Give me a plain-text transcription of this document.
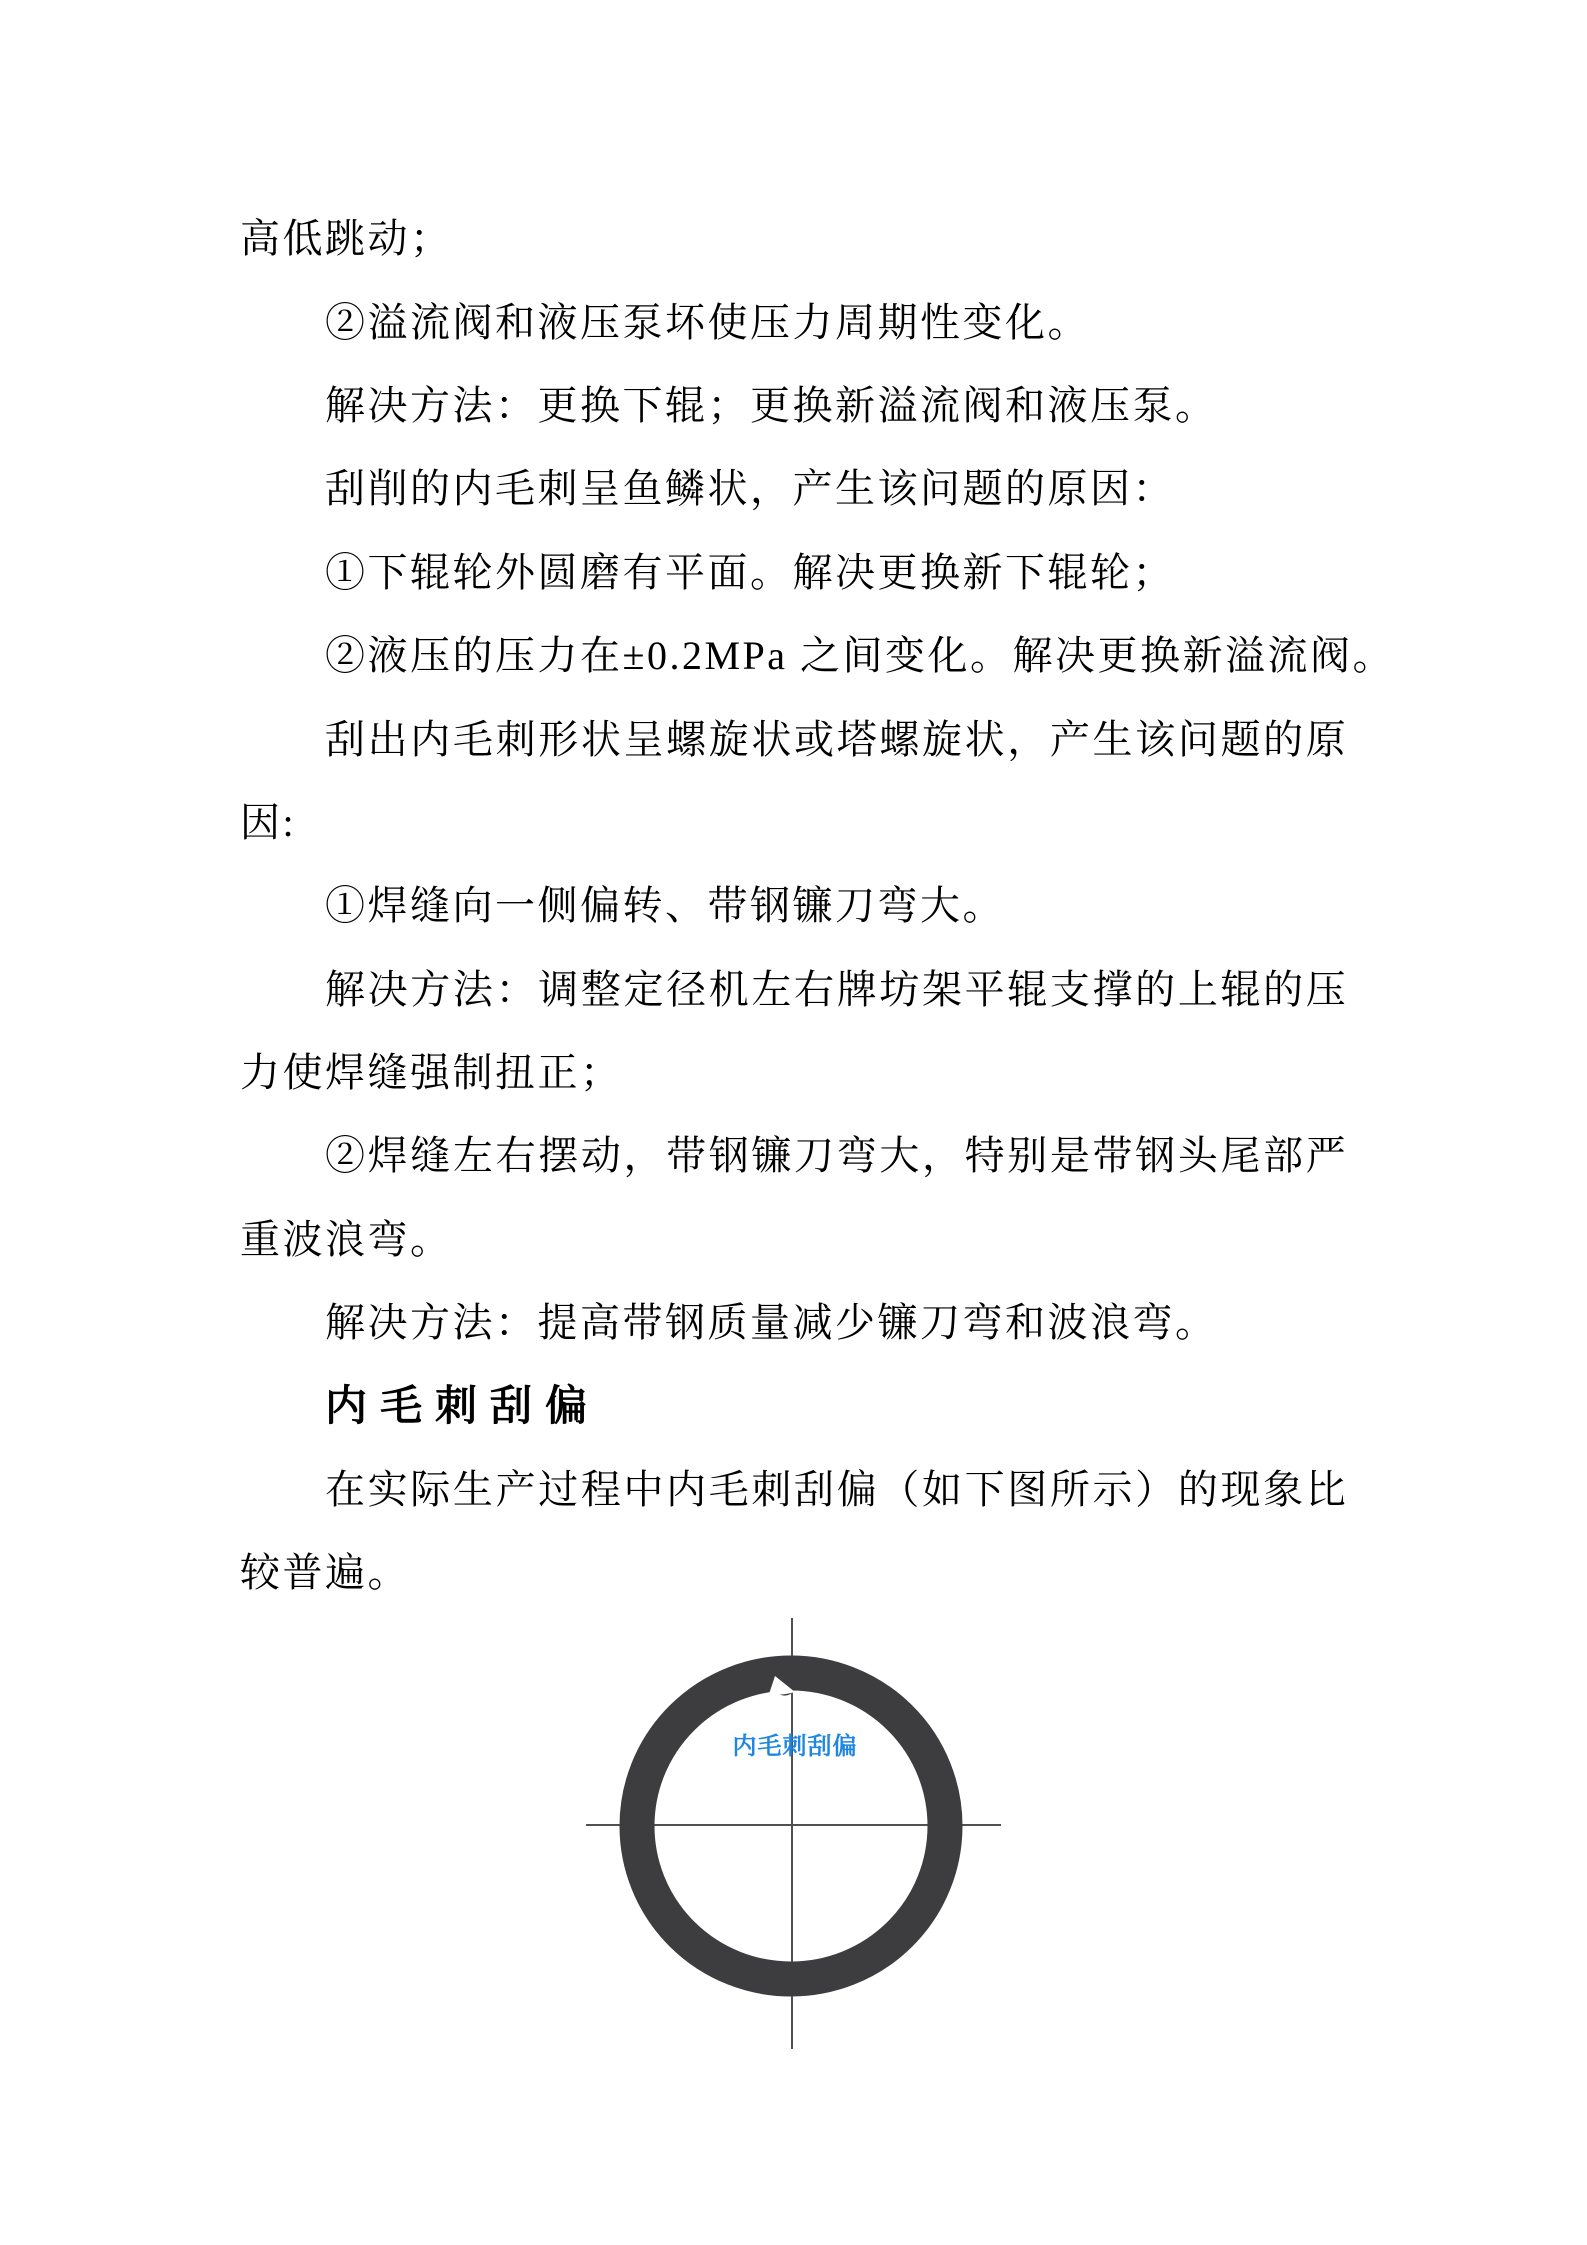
高低跳动；
②溢流阀和液压泵坏使压力周期性变化。
解决方法：更换下辊；更换新溢流阀和液压泵。
刮削的内毛刺呈鱼鳞状，产生该问题的原因：
①下辊轮外圆磨有平面。解决更换新下辊轮；
②液压的压力在±0.2MPa 之间变化。解决更换新溢流阀。
刮 出 内 毛 刺 形 状 呈 螺 旋 状 或 塔 螺 旋 状 ， 产 生 该 问 题 的 原
因:
①焊缝向一侧偏转、带钢镰刀弯大。
解 决 方 法 ： 调 整 定 径 机 左 右 牌 坊 架 平 辊 支 撑 的 上 辊 的 压
力使焊缝强制扭正；
② 焊 缝 左 右 摆 动 ， 带 钢 镰 刀 弯 大 ， 特 别 是 带 钢 头 尾 部 严
重波浪弯。
解决方法：提高带钢质量减少镰刀弯和波浪弯。
内毛刺刮偏
在 实 际 生 产 过 程 中 内 毛 刺 刮 偏 （ 如 下 图 所 示 ） 的 现 象 比
较普遍。
内毛刺刮偏
